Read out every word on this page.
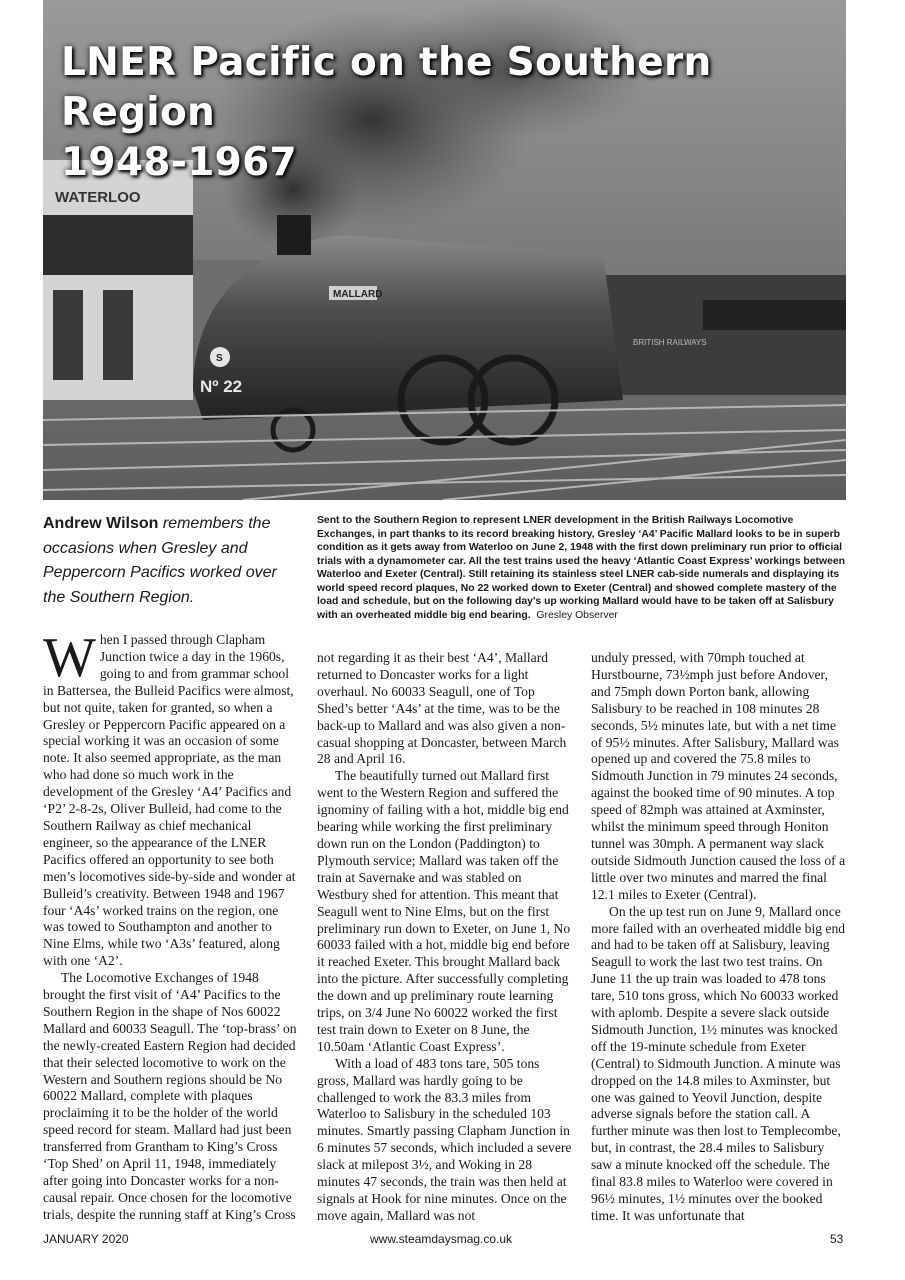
WATERLOO
BRITISH RAILWAYS
MALLARD
S
Nº 22
LNER Pacific on the Southern Region
1948-1967
Andrew Wilson remembers the occasions when Gresley and Peppercorn Pacifics worked over the Southern Region.
Sent to the Southern Region to represent LNER development in the British Railways Locomotive Exchanges, in part thanks to its record breaking history, Gresley ‘A4’ Pacific Mallard looks to be in superb condition as it gets away from Waterloo on June 2, 1948 with the first down preliminary run prior to official trials with a dynamometer car. All the test trains used the heavy ‘Atlantic Coast Express’ workings between Waterloo and Exeter (Central). Still retaining its stainless steel LNER cab-side numerals and displaying its world speed record plaques, No 22 worked down to Exeter (Central) and showed complete mastery of the load and schedule, but on the following day’s up working Mallard would have to be taken off at Salisbury with an overheated middle big end bearing. Gresley Observer

When I passed through Clapham Junction twice a day in the 1960s, going to and from grammar school in Battersea, the Bulleid Pacifics were almost, but not quite, taken for granted, so when a Gresley or Peppercorn Pacific appeared on a special working it was an occasion of some note. It also seemed appropriate, as the man who had done so much work in the development of the Gresley ‘A4’ Pacifics and ‘P2’ 2-8-2s, Oliver Bulleid, had come to the Southern Railway as chief mechanical engineer, so the appearance of the LNER Pacifics offered an opportunity to see both men’s locomotives side-by-side and wonder at Bulleid’s creativity. Between 1948 and 1967 four ‘A4s’ worked trains on the region, one was towed to Southampton and another to Nine Elms, while two ‘A3s’ featured, along with one ‘A2’.

The Locomotive Exchanges of 1948 brought the first visit of ‘A4’ Pacifics to the Southern Region in the shape of Nos 60022 Mallard and 60033 Seagull. The ‘top-brass’ on the newly-created Eastern Region had decided that their selected locomotive to work on the Western and Southern regions should be No 60022 Mallard, complete with plaques proclaiming it to be the holder of the world speed record for steam. Mallard had just been transferred from Grantham to King’s Cross ‘Top Shed’ on April 11, 1948, immediately after going into Doncaster works for a non-causal repair. Once chosen for the locomotive trials, despite the running staff at King’s Cross

not regarding it as their best ‘A4’, Mallard returned to Doncaster works for a light overhaul. No 60033 Seagull, one of Top Shed’s better ‘A4s’ at the time, was to be the back-up to Mallard and was also given a non-casual shopping at Doncaster, between March 28 and April 16.

The beautifully turned out Mallard first went to the Western Region and suffered the ignominy of failing with a hot, middle big end bearing while working the first preliminary down run on the London (Paddington) to Plymouth service; Mallard was taken off the train at Savernake and was stabled on Westbury shed for attention. This meant that Seagull went to Nine Elms, but on the first preliminary run down to Exeter, on June 1, No 60033 failed with a hot, middle big end before it reached Exeter. This brought Mallard back into the picture. After successfully completing the down and up preliminary route learning trips, on 3/4 June No 60022 worked the first test train down to Exeter on 8 June, the 10.50am ‘Atlantic Coast Express’.

With a load of 483 tons tare, 505 tons gross, Mallard was hardly going to be challenged to work the 83.3 miles from Waterloo to Salisbury in the scheduled 103 minutes. Smartly passing Clapham Junction in 6 minutes 57 seconds, which included a severe slack at milepost 3½, and Woking in 28 minutes 47 seconds, the train was then held at signals at Hook for nine minutes. Once on the move again, Mallard was not

unduly pressed, with 70mph touched at Hurstbourne, 73½mph just before Andover, and 75mph down Porton bank, allowing Salisbury to be reached in 108 minutes 28 seconds, 5½ minutes late, but with a net time of 95½ minutes. After Salisbury, Mallard was opened up and covered the 75.8 miles to Sidmouth Junction in 79 minutes 24 seconds, against the booked time of 90 minutes. A top speed of 82mph was attained at Axminster, whilst the minimum speed through Honiton tunnel was 30mph. A permanent way slack outside Sidmouth Junction caused the loss of a little over two minutes and marred the final 12.1 miles to Exeter (Central).

On the up test run on June 9, Mallard once more failed with an overheated middle big end and had to be taken off at Salisbury, leaving Seagull to work the last two test trains. On June 11 the up train was loaded to 478 tons tare, 510 tons gross, which No 60033 worked with aplomb. Despite a severe slack outside Sidmouth Junction, 1½ minutes was knocked off the 19-minute schedule from Exeter (Central) to Sidmouth Junction. A minute was dropped on the 14.8 miles to Axminster, but one was gained to Yeovil Junction, despite adverse signals before the station call. A further minute was then lost to Templecombe, but, in contrast, the 28.4 miles to Salisbury saw a minute knocked off the schedule. The final 83.8 miles to Waterloo were covered in 96½ minutes, 1½ minutes over the booked time. It was unfortunate that

JANUARY 2020	www.steamdaysmag.co.uk	53
